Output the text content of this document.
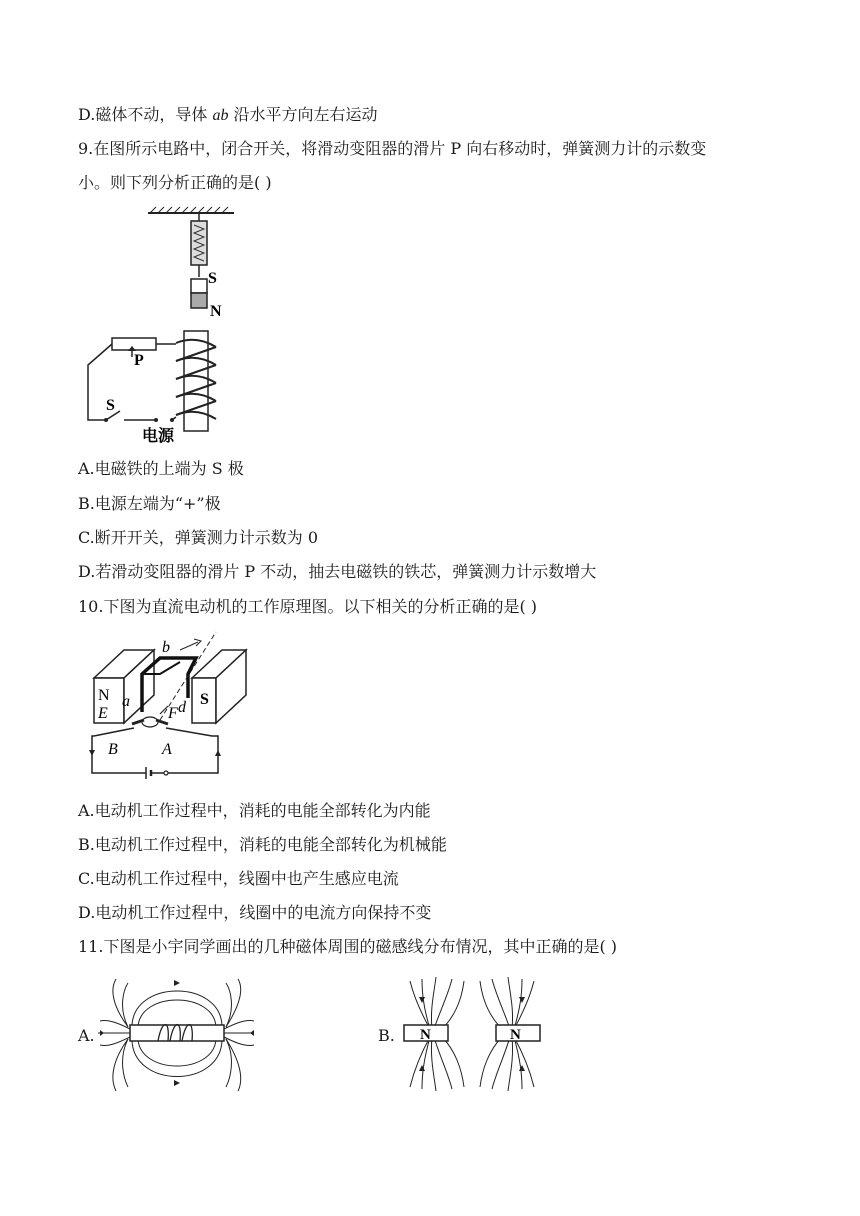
D.磁体不动，导体 ab 沿水平方向左右运动
9.在图所示电路中，闭合开关，将滑动变阻器的滑片 P 向右移动时，弹簧测力计的示数变
小。则下列分析正确的是( )
S
N
P
S
电源
A.电磁铁的上端为 S 极
B.电源左端为“+”极
C.断开开关，弹簧测力计示数为 0
D.若滑动变阻器的滑片 P 不动，抽去电磁铁的铁芯，弹簧测力计示数增大
10.下图为直流电动机的工作原理图。以下相关的分析正确的是( )
b
N
E
a	S
F d
B	A
A.电动机工作过程中，消耗的电能全部转化为内能
B.电动机工作过程中，消耗的电能全部转化为机械能
C.电动机工作过程中，线圈中也产生感应电流
D.电动机工作过程中，线圈中的电流方向保持不变
11.下图是小宇同学画出的几种磁体周围的磁感线分布情况，其中正确的是( )
A.	B. N	N
